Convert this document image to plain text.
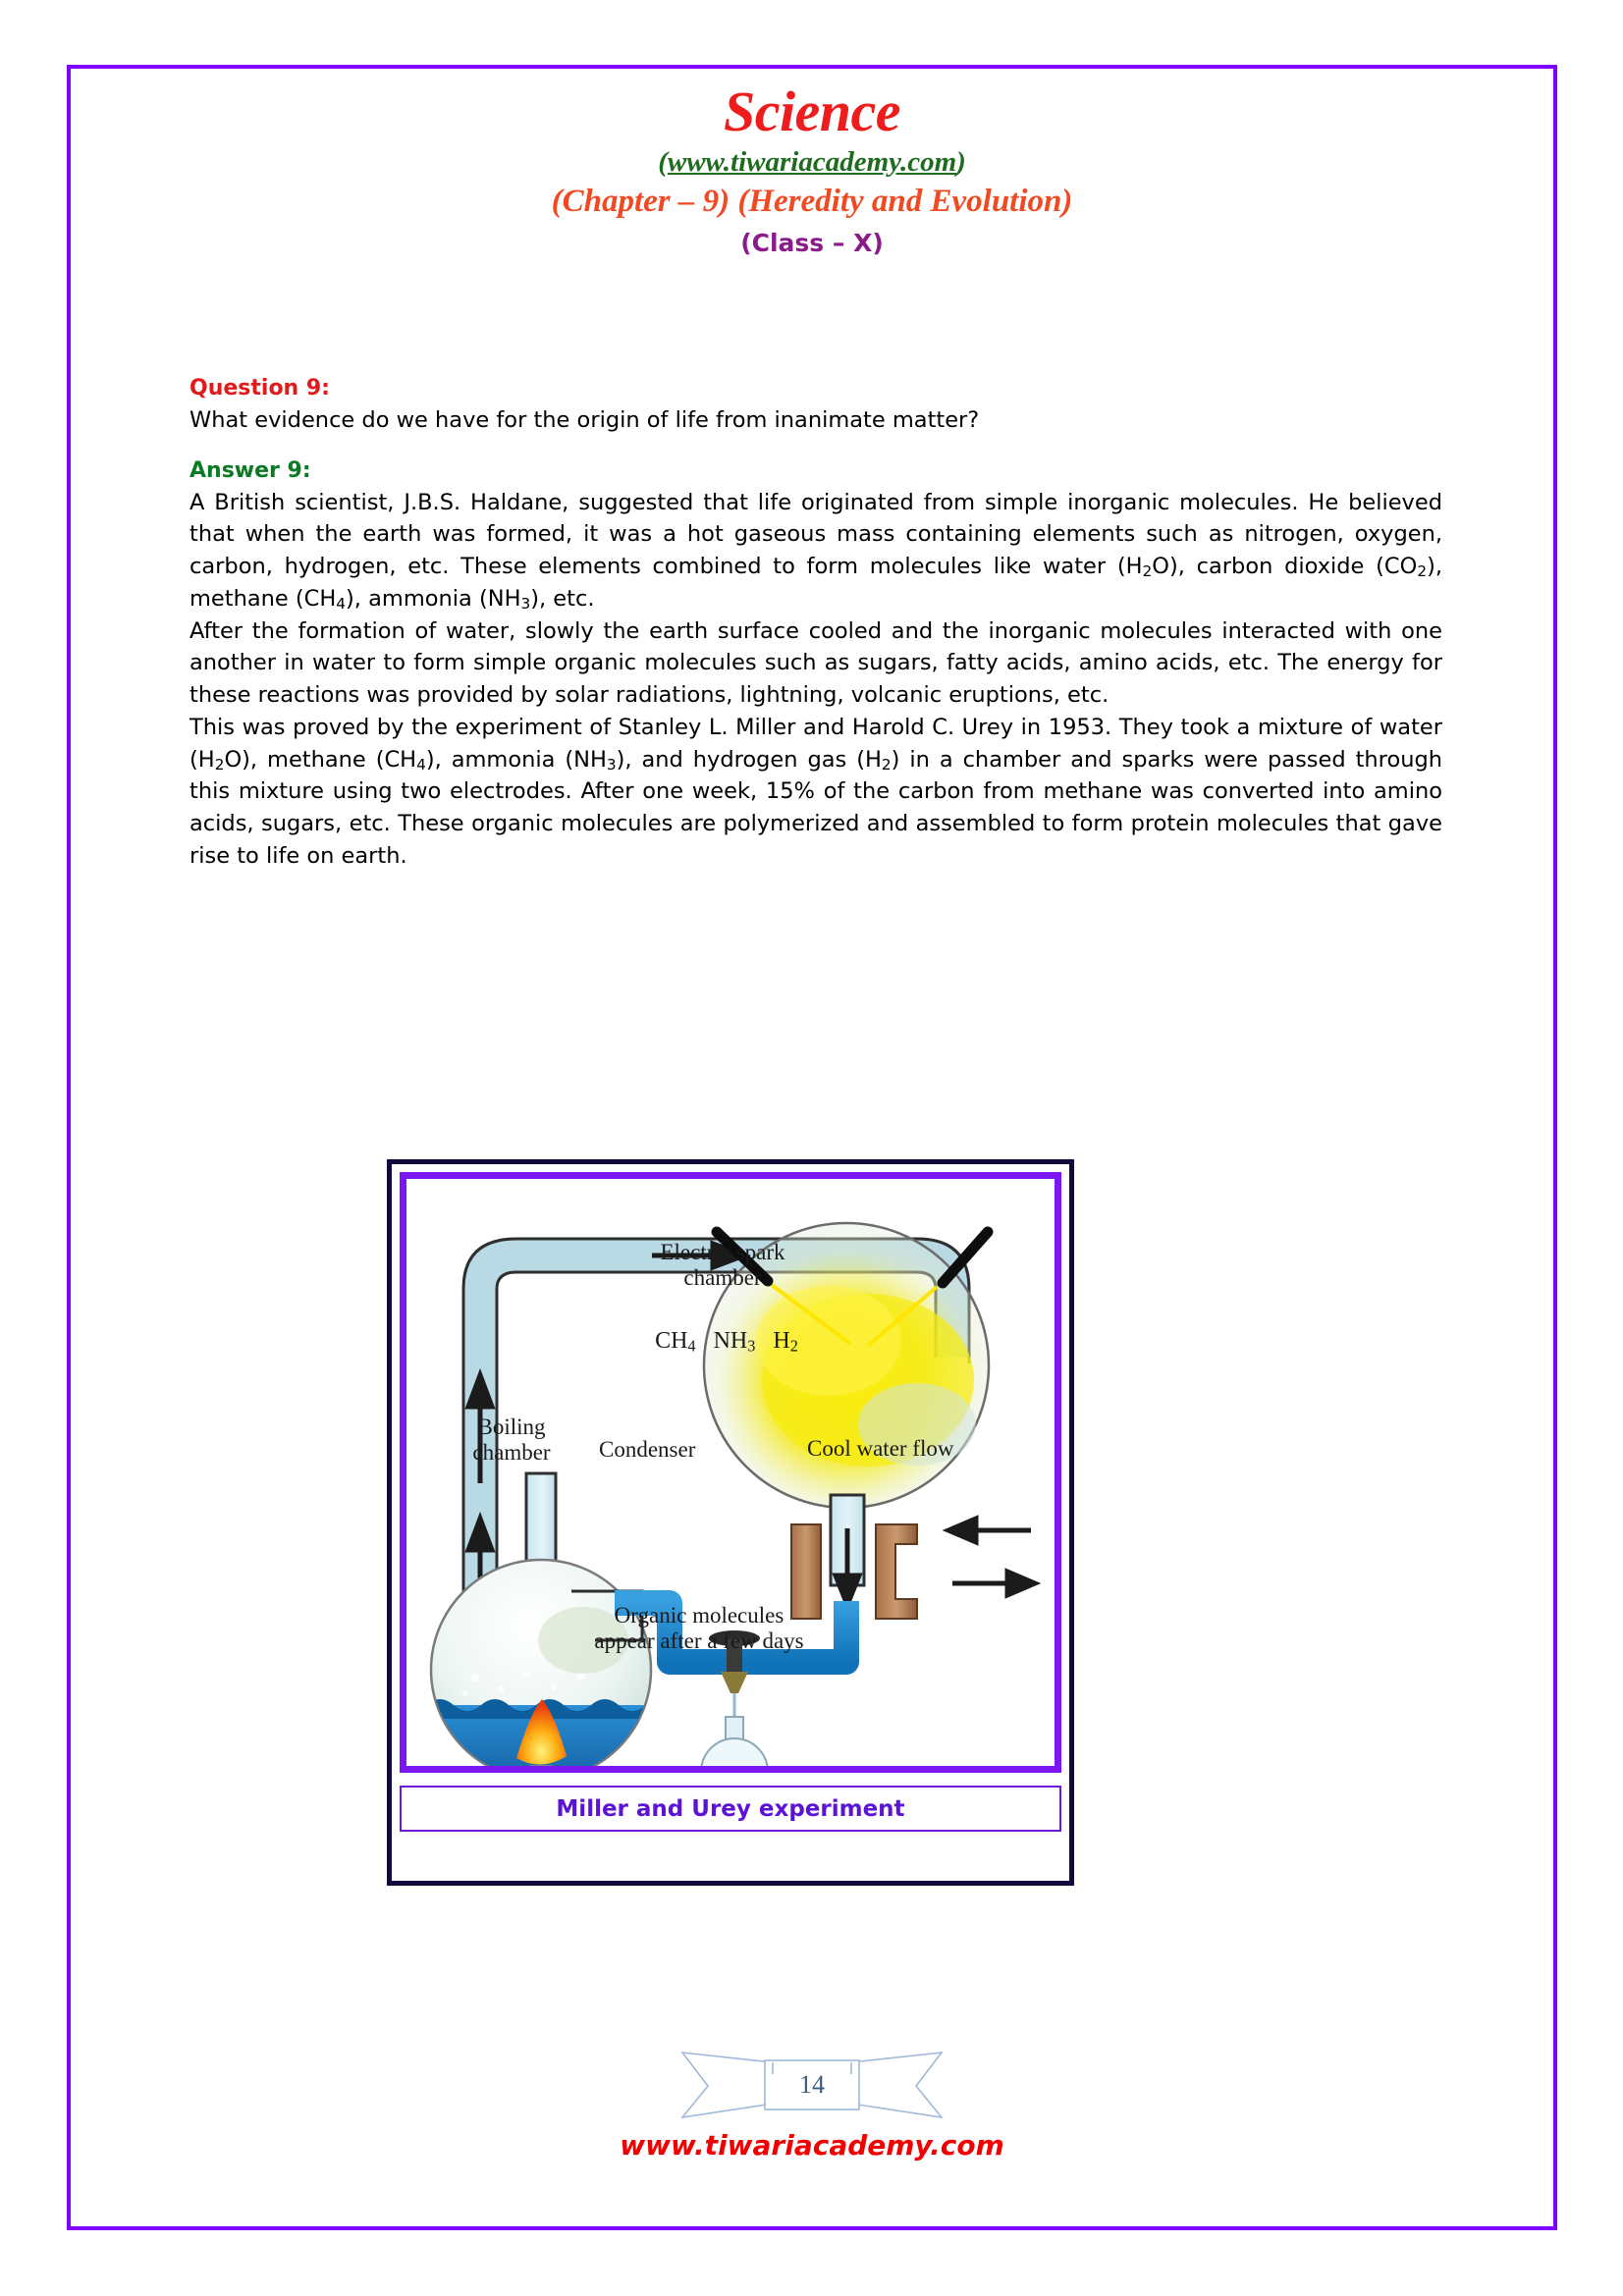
Science
(www.tiwariacademy.com)
(Chapter – 9) (Heredity and Evolution)
(Class – X)
Question 9:
What evidence do we have for the origin of life from inanimate matter?
Answer 9:

A British scientist, J.B.S. Haldane, suggested that life originated from simple inorganic molecules. He believed that when the earth was formed, it was a hot gaseous mass containing elements such as nitrogen, oxygen, carbon, hydrogen, etc. These elements combined to form molecules like water $(H_2O)$, carbon dioxide $(CO_2)$, methane $(CH_4)$, ammonia $(NH_3)$, etc.

After the formation of water, slowly the earth surface cooled and the inorganic molecules interacted with one another in water to form simple organic molecules such as sugars, fatty acids, amino acids, etc. The energy for these reactions was provided by solar radiations, lightning, volcanic eruptions, etc.

This was proved by the experiment of Stanley L. Miller and Harold C. Urey in 1953. They took a mixture of water $(H_2O)$, methane $(CH_4)$, ammonia $(NH_3)$, and hydrogen gas $(H_2)$ in a chamber and sparks were passed through this mixture using two electrodes. After one week, 15% of the carbon from methane was converted into amino acids, sugars, etc. These organic molecules are polymerized and assembled to form protein molecules that gave rise to life on earth.

Electric spark
chamber
$CH_4$   $NH_3$   $H_2$
Boiling
chamber	Condenser	Cool water flow
Organic molecules
appear after a few days
Miller and Urey experiment
14
www.tiwariacademy.com
